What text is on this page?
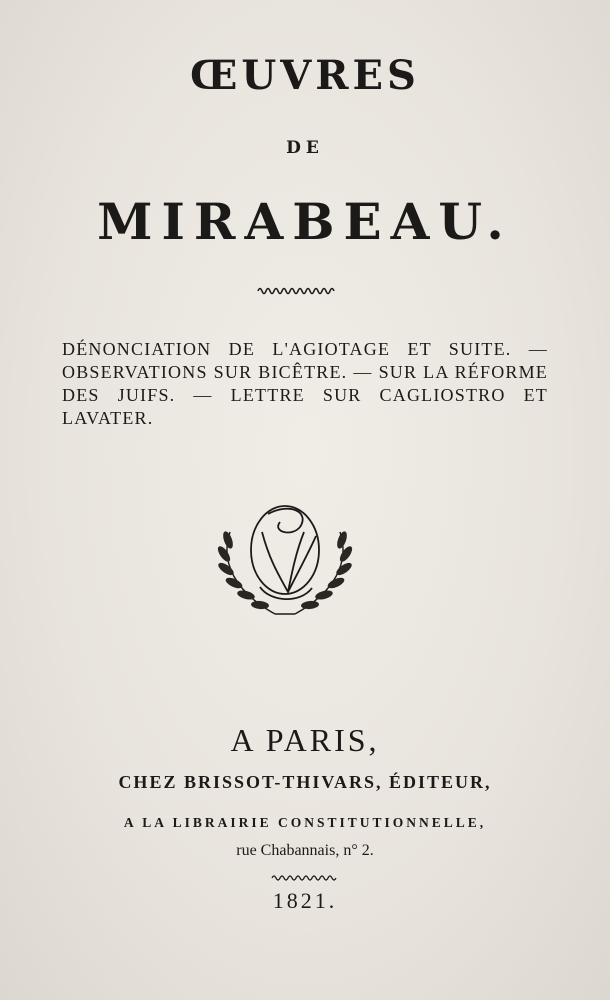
ŒUVRES
DE
MIRABEAU.
DÉNONCIATION DE L'AGIOTAGE ET SUITE. — OBSERVATIONS SUR BICÊTRE. — SUR LA RÉFORME DES JUIFS. — LETTRE SUR CAGLIOSTRO ET LAVATER.
A PARIS,
CHEZ BRISSOT-THIVARS, ÉDITEUR,
A LA LIBRAIRIE CONSTITUTIONNELLE,
rue Chabannais, n° 2.
1821.
